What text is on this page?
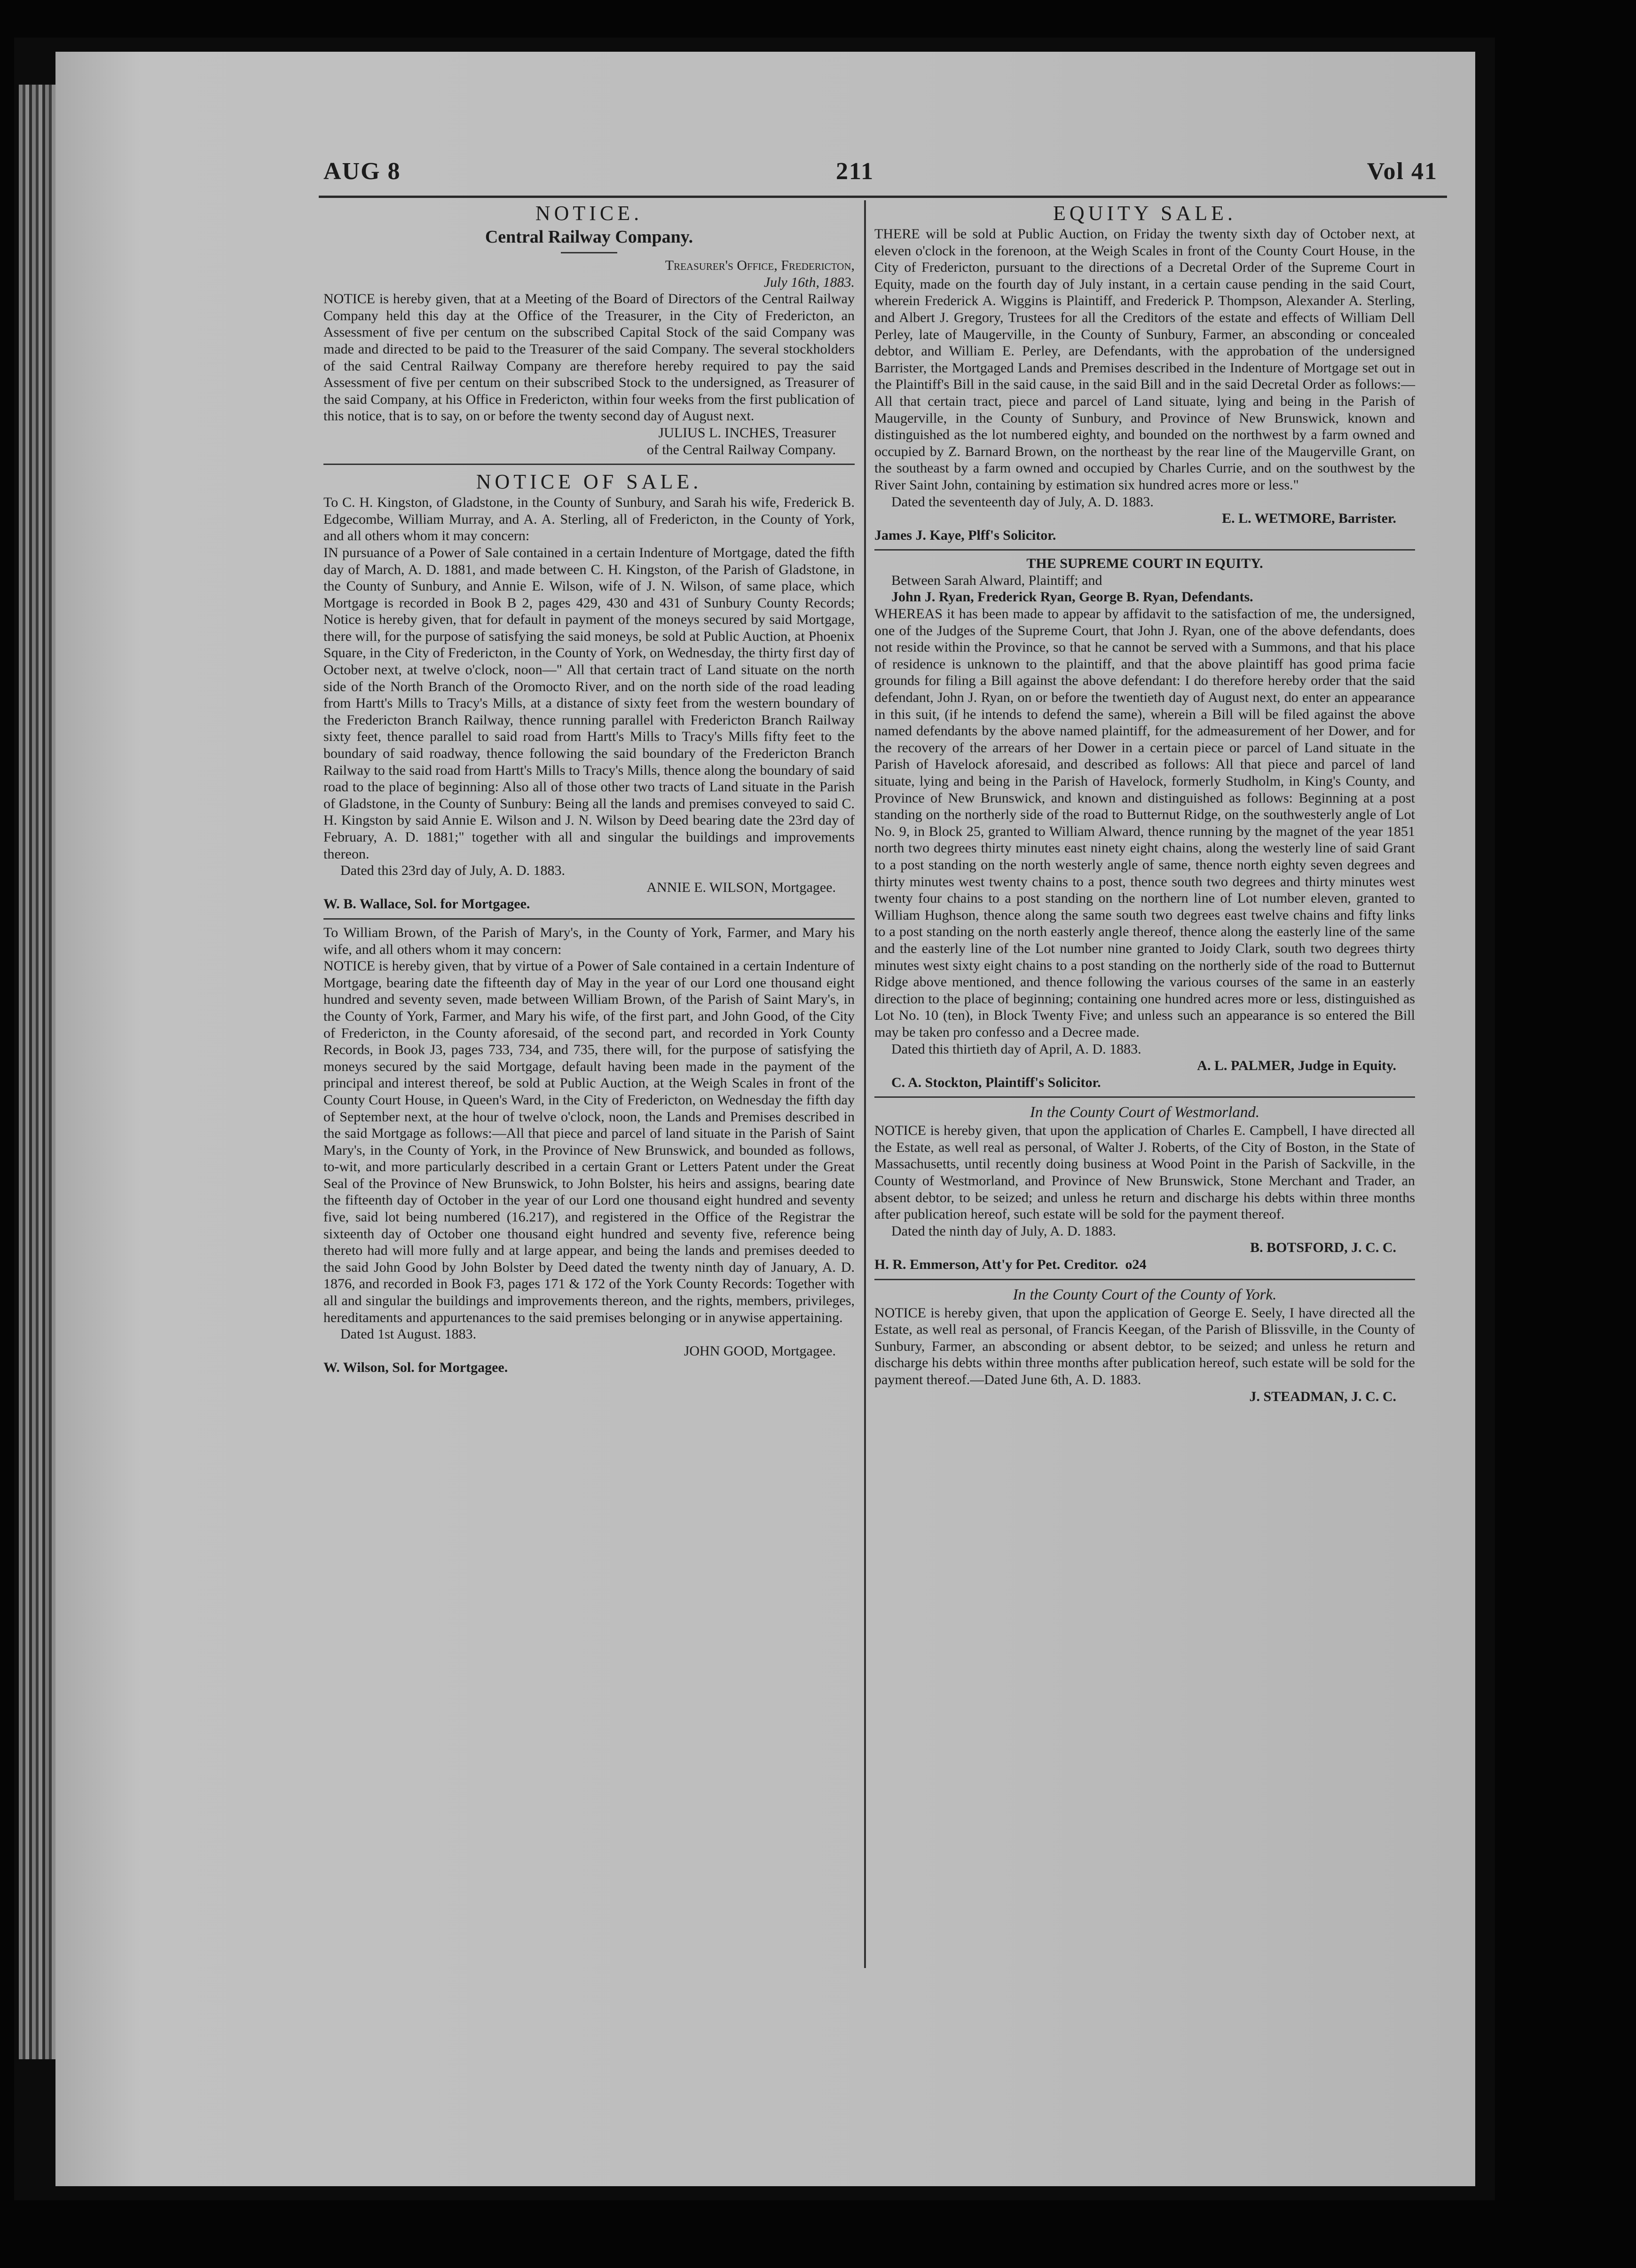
AUG 8	211	Vol 41

NOTICE.

Central Railway Company.

Treasurer's Office, Fredericton,

July 16th, 1883.

NOTICE is hereby given, that at a Meeting of the Board of Directors of the Central Railway Company held this day at the Office of the Treasurer, in the City of Fredericton, an Assessment of five per centum on the subscribed Capital Stock of the said Company was made and directed to be paid to the Treasurer of the said Company. The several stockholders of the said Central Railway Company are therefore hereby required to pay the said Assessment of five per centum on their subscribed Stock to the undersigned, as Treasurer of the said Company, at his Office in Fredericton, within four weeks from the first publication of this notice, that is to say, on or before the twenty second day of August next.

JULIUS L. INCHES, Treasurer

of the Central Railway Company.

NOTICE OF SALE.

To C. H. Kingston, of Gladstone, in the County of Sunbury, and Sarah his wife, Frederick B. Edgecombe, William Murray, and A. A. Sterling, all of Fredericton, in the County of York, and all others whom it may concern:

IN pursuance of a Power of Sale contained in a certain Indenture of Mortgage, dated the fifth day of March, A. D. 1881, and made between C. H. Kingston, of the Parish of Gladstone, in the County of Sunbury, and Annie E. Wilson, wife of J. N. Wilson, of same place, which Mortgage is recorded in Book B 2, pages 429, 430 and 431 of Sunbury County Records; Notice is hereby given, that for default in payment of the moneys secured by said Mortgage, there will, for the purpose of satisfying the said moneys, be sold at Public Auction, at Phoenix Square, in the City of Fredericton, in the County of York, on Wednesday, the thirty first day of October next, at twelve o'clock, noon—" All that certain tract of Land situate on the north side of the North Branch of the Oromocto River, and on the north side of the road leading from Hartt's Mills to Tracy's Mills, at a distance of sixty feet from the western boundary of the Fredericton Branch Railway, thence running parallel with Fredericton Branch Railway sixty feet, thence parallel to said road from Hartt's Mills to Tracy's Mills fifty feet to the boundary of said roadway, thence following the said boundary of the Fredericton Branch Railway to the said road from Hartt's Mills to Tracy's Mills, thence along the boundary of said road to the place of beginning: Also all of those other two tracts of Land situate in the Parish of Gladstone, in the County of Sunbury: Being all the lands and premises conveyed to said C. H. Kingston by said Annie E. Wilson and J. N. Wilson by Deed bearing date the 23rd day of February, A. D. 1881;" together with all and singular the buildings and improvements thereon.

Dated this 23rd day of July, A. D. 1883.

ANNIE E. WILSON, Mortgagee.

W. B. Wallace, Sol. for Mortgagee.

To William Brown, of the Parish of Mary's, in the County of York, Farmer, and Mary his wife, and all others whom it may concern:

NOTICE is hereby given, that by virtue of a Power of Sale contained in a certain Indenture of Mortgage, bearing date the fifteenth day of May in the year of our Lord one thousand eight hundred and seventy seven, made between William Brown, of the Parish of Saint Mary's, in the County of York, Farmer, and Mary his wife, of the first part, and John Good, of the City of Fredericton, in the County aforesaid, of the second part, and recorded in York County Records, in Book J3, pages 733, 734, and 735, there will, for the purpose of satisfying the moneys secured by the said Mortgage, default having been made in the payment of the principal and interest thereof, be sold at Public Auction, at the Weigh Scales in front of the County Court House, in Queen's Ward, in the City of Fredericton, on Wednesday the fifth day of September next, at the hour of twelve o'clock, noon, the Lands and Premises described in the said Mortgage as follows:—All that piece and parcel of land situate in the Parish of Saint Mary's, in the County of York, in the Province of New Brunswick, and bounded as follows, to-wit, and more particularly described in a certain Grant or Letters Patent under the Great Seal of the Province of New Brunswick, to John Bolster, his heirs and assigns, bearing date the fifteenth day of October in the year of our Lord one thousand eight hundred and seventy five, said lot being numbered (16.217), and registered in the Office of the Registrar the sixteenth day of October one thousand eight hundred and seventy five, reference being thereto had will more fully and at large appear, and being the lands and premises deeded to the said John Good by John Bolster by Deed dated the twenty ninth day of January, A. D. 1876, and recorded in Book F3, pages 171 & 172 of the York County Records: Together with all and singular the buildings and improvements thereon, and the rights, members, privileges, hereditaments and appurtenances to the said premises belonging or in anywise appertaining.

Dated 1st August. 1883.

JOHN GOOD, Mortgagee.

W. Wilson, Sol. for Mortgagee.

EQUITY SALE.

THERE will be sold at Public Auction, on Friday the twenty sixth day of October next, at eleven o'clock in the forenoon, at the Weigh Scales in front of the County Court House, in the City of Fredericton, pursuant to the directions of a Decretal Order of the Supreme Court in Equity, made on the fourth day of July instant, in a certain cause pending in the said Court, wherein Frederick A. Wiggins is Plaintiff, and Frederick P. Thompson, Alexander A. Sterling, and Albert J. Gregory, Trustees for all the Creditors of the estate and effects of William Dell Perley, late of Maugerville, in the County of Sunbury, Farmer, an absconding or concealed debtor, and William E. Perley, are Defendants, with the approbation of the undersigned Barrister, the Mortgaged Lands and Premises described in the Indenture of Mortgage set out in the Plaintiff's Bill in the said cause, in the said Bill and in the said Decretal Order as follows:—All that certain tract, piece and parcel of Land situate, lying and being in the Parish of Maugerville, in the County of Sunbury, and Province of New Brunswick, known and distinguished as the lot numbered eighty, and bounded on the northwest by a farm owned and occupied by Z. Barnard Brown, on the northeast by the rear line of the Maugerville Grant, on the southeast by a farm owned and occupied by Charles Currie, and on the southwest by the River Saint John, containing by estimation six hundred acres more or less."

Dated the seventeenth day of July, A. D. 1883.

E. L. WETMORE, Barrister.

James J. Kaye, Plff's Solicitor.

THE SUPREME COURT IN EQUITY.

Between Sarah Alward, Plaintiff; and

John J. Ryan, Frederick Ryan, George B. Ryan, Defendants.

WHEREAS it has been made to appear by affidavit to the satisfaction of me, the undersigned, one of the Judges of the Supreme Court, that John J. Ryan, one of the above defendants, does not reside within the Province, so that he cannot be served with a Summons, and that his place of residence is unknown to the plaintiff, and that the above plaintiff has good prima facie grounds for filing a Bill against the above defendant: I do therefore hereby order that the said defendant, John J. Ryan, on or before the twentieth day of August next, do enter an appearance in this suit, (if he intends to defend the same), wherein a Bill will be filed against the above named defendants by the above named plaintiff, for the admeasurement of her Dower, and for the recovery of the arrears of her Dower in a certain piece or parcel of Land situate in the Parish of Havelock aforesaid, and described as follows: All that piece and parcel of land situate, lying and being in the Parish of Havelock, formerly Studholm, in King's County, and Province of New Brunswick, and known and distinguished as follows: Beginning at a post standing on the northerly side of the road to Butternut Ridge, on the southwesterly angle of Lot No. 9, in Block 25, granted to William Alward, thence running by the magnet of the year 1851 north two degrees thirty minutes east ninety eight chains, along the westerly line of said Grant to a post standing on the north westerly angle of same, thence north eighty seven degrees and thirty minutes west twenty chains to a post, thence south two degrees and thirty minutes west twenty four chains to a post standing on the northern line of Lot number eleven, granted to William Hughson, thence along the same south two degrees east twelve chains and fifty links to a post standing on the north easterly angle thereof, thence along the easterly line of the same and the easterly line of the Lot number nine granted to Joidy Clark, south two degrees thirty minutes west sixty eight chains to a post standing on the northerly side of the road to Butternut Ridge above mentioned, and thence following the various courses of the same in an easterly direction to the place of beginning; containing one hundred acres more or less, distinguished as Lot No. 10 (ten), in Block Twenty Five; and unless such an appearance is so entered the Bill may be taken pro confesso and a Decree made.

Dated this thirtieth day of April, A. D. 1883.

A. L. PALMER, Judge in Equity.

C. A. Stockton, Plaintiff's Solicitor.

In the County Court of Westmorland.

NOTICE is hereby given, that upon the application of Charles E. Campbell, I have directed all the Estate, as well real as personal, of Walter J. Roberts, of the City of Boston, in the State of Massachusetts, until recently doing business at Wood Point in the Parish of Sackville, in the County of Westmorland, and Province of New Brunswick, Stone Merchant and Trader, an absent debtor, to be seized; and unless he return and discharge his debts within three months after publication hereof, such estate will be sold for the payment thereof.

Dated the ninth day of July, A. D. 1883.

B. BOTSFORD, J. C. C.

H. R. Emmerson, Att'y for Pet. Creditor. o24

In the County Court of the County of York.

NOTICE is hereby given, that upon the application of George E. Seely, I have directed all the Estate, as well real as personal, of Francis Keegan, of the Parish of Blissville, in the County of Sunbury, Farmer, an absconding or absent debtor, to be seized; and unless he return and discharge his debts within three months after publication hereof, such estate will be sold for the payment thereof.—Dated June 6th, A. D. 1883.

J. STEADMAN, J. C. C.
